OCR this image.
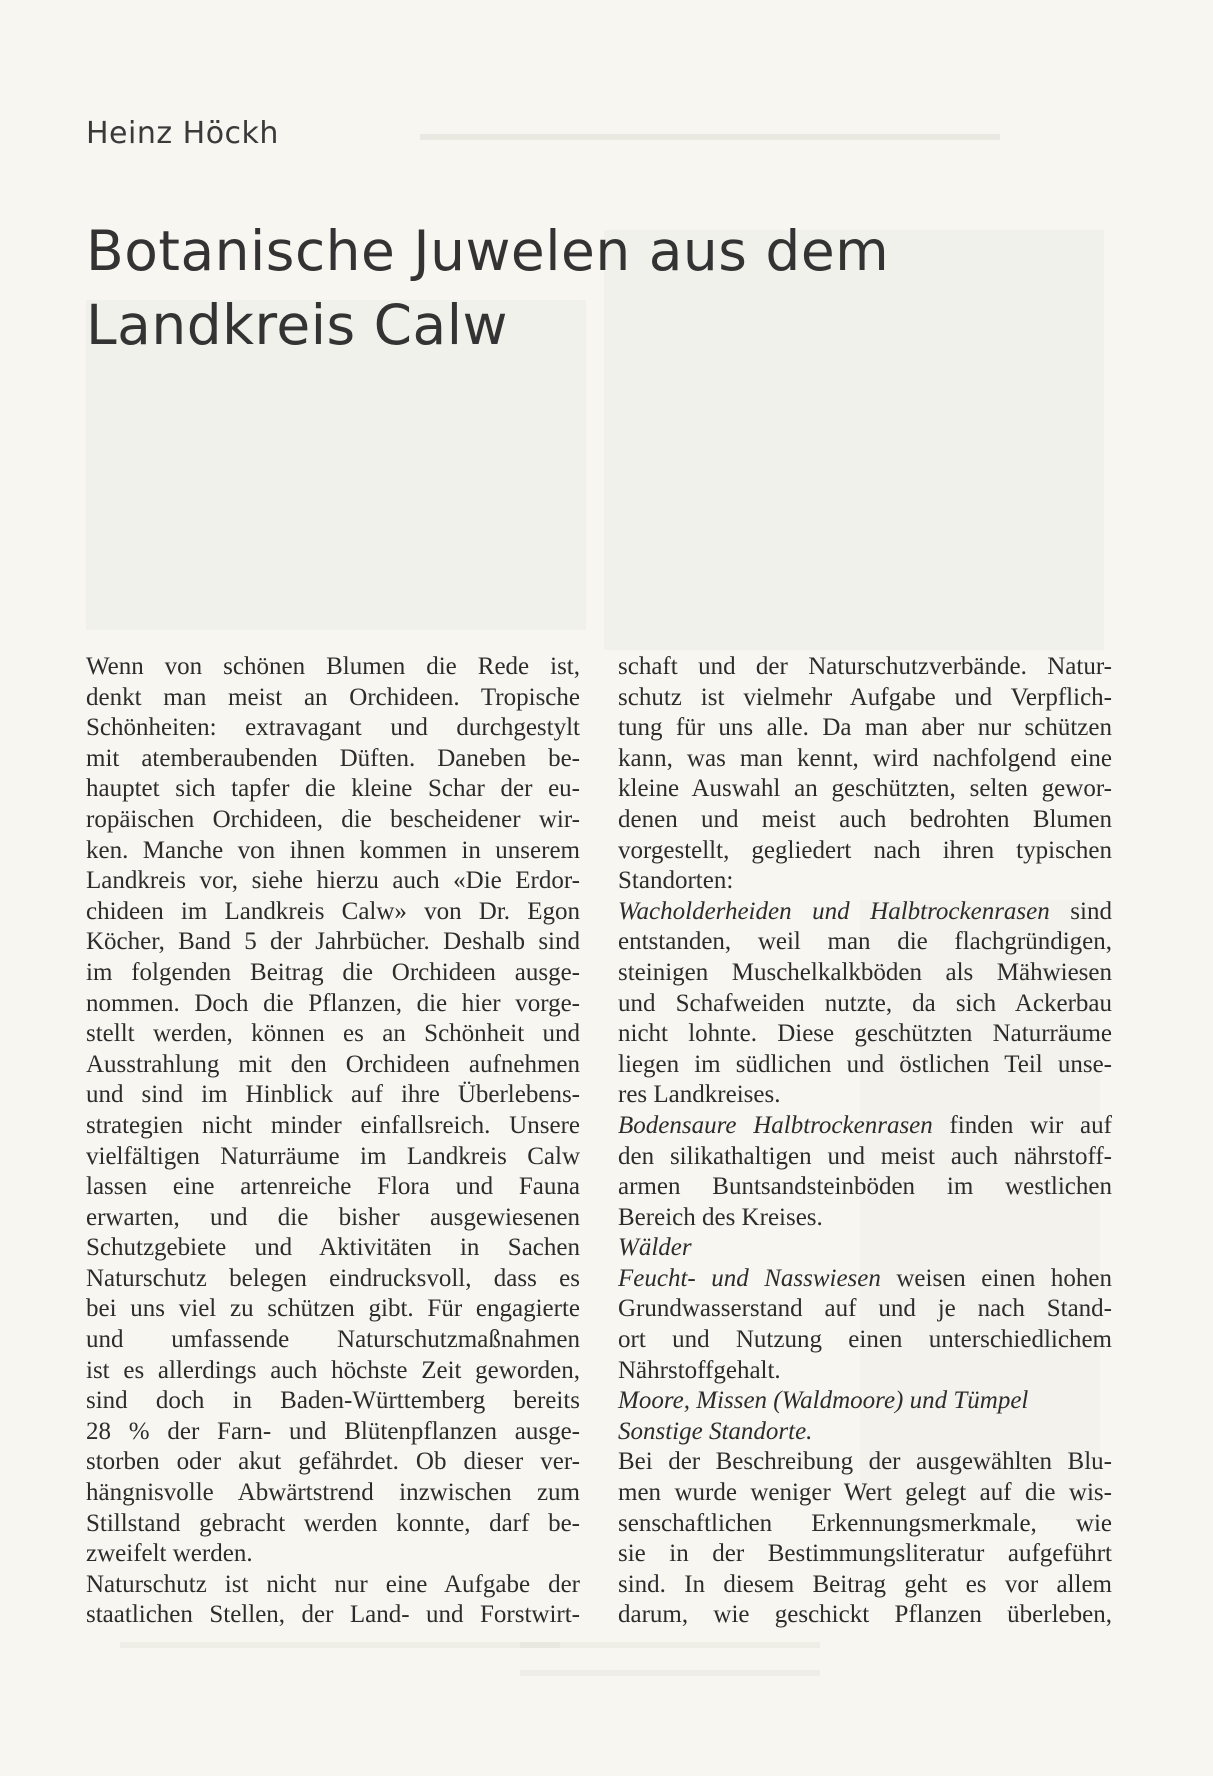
Heinz Höckh
Botanische Juwelen aus dem
Landkreis Calw
Wenn von schönen Blumen die Rede ist,
denkt man meist an Orchideen. Tropische
Schönheiten: extravagant und durchgestylt
mit atemberaubenden Düften. Daneben be-
hauptet sich tapfer die kleine Schar der eu-
ropäischen Orchideen, die bescheidener wir-
ken. Manche von ihnen kommen in unserem
Landkreis vor, siehe hierzu auch «Die Erdor-
chideen im Landkreis Calw» von Dr. Egon
Köcher, Band 5 der Jahrbücher. Deshalb sind
im folgenden Beitrag die Orchideen ausge-
nommen. Doch die Pflanzen, die hier vorge-
stellt werden, können es an Schönheit und
Ausstrahlung mit den Orchideen aufnehmen
und sind im Hinblick auf ihre Überlebens-
strategien nicht minder einfallsreich. Unsere
vielfältigen Naturräume im Landkreis Calw
lassen eine artenreiche Flora und Fauna
erwarten, und die bisher ausgewiesenen
Schutzgebiete und Aktivitäten in Sachen
Naturschutz belegen eindrucksvoll, dass es
bei uns viel zu schützen gibt. Für engagierte
und umfassende Naturschutzmaßnahmen
ist es allerdings auch höchste Zeit geworden,
sind doch in Baden-Württemberg bereits
28 % der Farn- und Blütenpflanzen ausge-
storben oder akut gefährdet. Ob dieser ver-
hängnisvolle Abwärtstrend inzwischen zum
Stillstand gebracht werden konnte, darf be-
zweifelt werden.
Naturschutz ist nicht nur eine Aufgabe der
staatlichen Stellen, der Land- und Forstwirt-
schaft und der Naturschutzverbände. Natur-
schutz ist vielmehr Aufgabe und Verpflich-
tung für uns alle. Da man aber nur schützen
kann, was man kennt, wird nachfolgend eine
kleine Auswahl an geschützten, selten gewor-
denen und meist auch bedrohten Blumen
vorgestellt, gegliedert nach ihren typischen
Standorten:
Wacholderheiden und Halbtrockenrasen sind
entstanden, weil man die flachgründigen,
steinigen Muschelkalkböden als Mähwiesen
und Schafweiden nutzte, da sich Ackerbau
nicht lohnte. Diese geschützten Naturräume
liegen im südlichen und östlichen Teil unse-
res Landkreises.
Bodensaure Halbtrockenrasen finden wir auf
den silikathaltigen und meist auch nährstoff-
armen Buntsandsteinböden im westlichen
Bereich des Kreises.
Wälder
Feucht- und Nasswiesen weisen einen hohen
Grundwasserstand auf und je nach Stand-
ort und Nutzung einen unterschiedlichem
Nährstoffgehalt.
Moore, Missen (Waldmoore) und Tümpel
Sonstige Standorte.
Bei der Beschreibung der ausgewählten Blu-
men wurde weniger Wert gelegt auf die wis-
senschaftlichen Erkennungsmerkmale, wie
sie in der Bestimmungsliteratur aufgeführt
sind. In diesem Beitrag geht es vor allem
darum, wie geschickt Pflanzen überleben,
